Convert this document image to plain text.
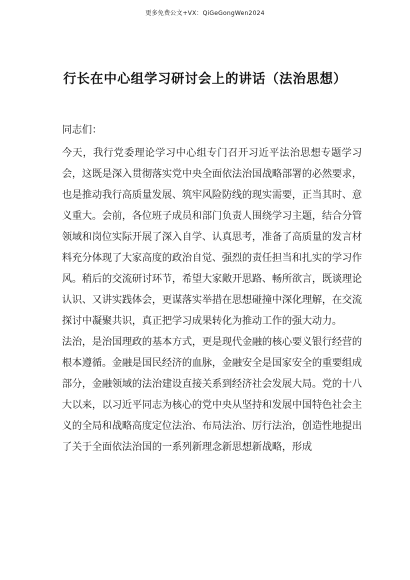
更多免费公文+VX：QiGeGongWen2024
行长在中心组学习研讨会上的讲话（法治思想）

同志们：

今天，我行党委理论学习中心组专门召开习近平法治思想专题学习会，这既是深入贯彻落实党中央全面依法治国战略部署的必然要求，也是推动我行高质量发展、筑牢风险防线的现实需要，正当其时、意义重大。会前，各位班子成员和部门负责人围绕学习主题，结合分管领域和岗位实际开展了深入自学、认真思考，准备了高质量的发言材料充分体现了大家高度的政治自觉、强烈的责任担当和扎实的学习作风。稍后的交流研讨环节，希望大家敞开思路、畅所欲言，既谈理论认识、又讲实践体会，更谋落实举措在思想碰撞中深化理解，在交流探讨中凝聚共识，真正把学习成果转化为推动工作的强大动力。

法治，是治国理政的基本方式，更是现代金融的核心要义银行经营的根本遵循。金融是国民经济的血脉，金融安全是国家安全的重要组成部分，金融领域的法治建设直接关系到经济社会发展大局。党的十八大以来，以习近平同志为核心的党中央从坚持和发展中国特色社会主义的全局和战略高度定位法治、布局法治、厉行法治，创造性地提出了关于全面依法治国的一系列新理念新思想新战略，形成
